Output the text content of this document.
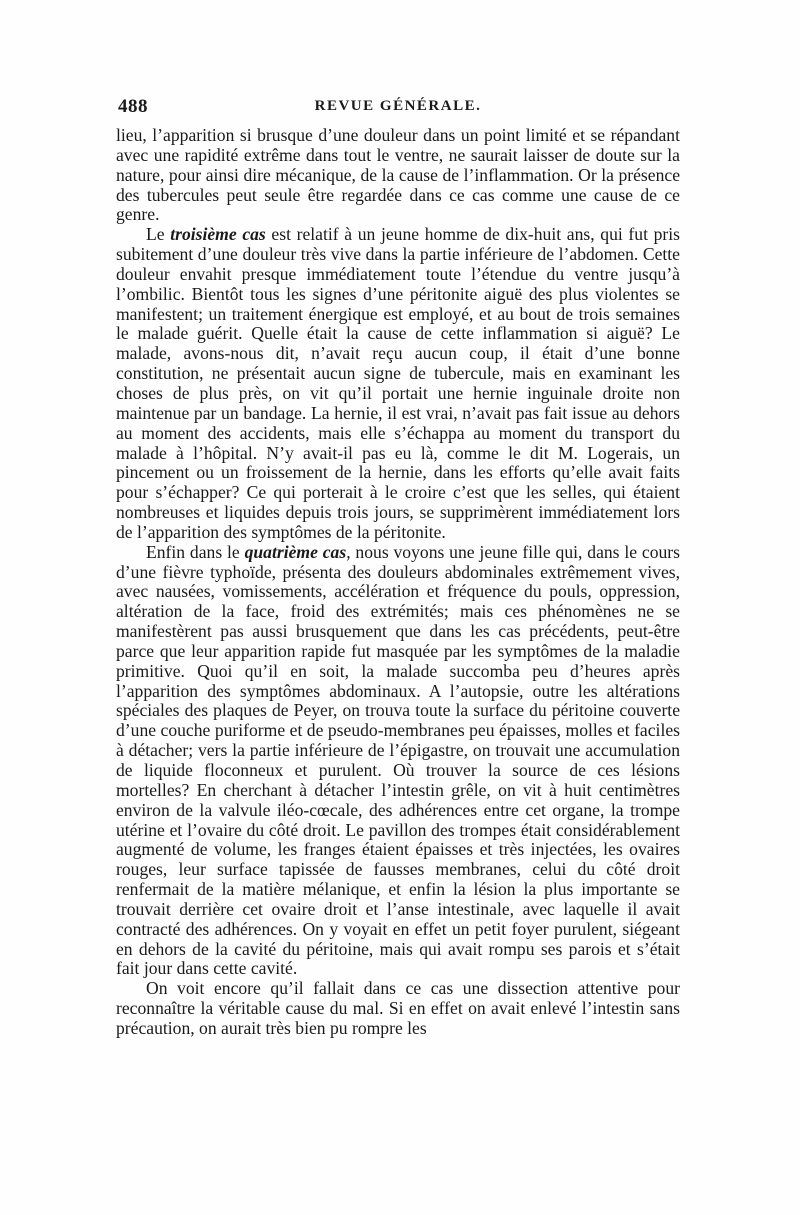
488	REVUE GÉNÉRALE.

lieu, l’apparition si brusque d’une douleur dans un point limité et se répandant avec une rapidité extrême dans tout le ventre, ne saurait laisser de doute sur la nature, pour ainsi dire mécanique, de la cause de l’inflammation. Or la présence des tubercules peut seule être regardée dans ce cas comme une cause de ce genre.

Le troisième cas est relatif à un jeune homme de dix-huit ans, qui fut pris subitement d’une douleur très vive dans la partie inférieure de l’abdomen. Cette douleur envahit presque immédiatement toute l’étendue du ventre jusqu’à l’ombilic. Bientôt tous les signes d’une péritonite aiguë des plus violentes se manifestent; un traitement énergique est employé, et au bout de trois semaines le malade guérit. Quelle était la cause de cette inflammation si aiguë? Le malade, avons-nous dit, n’avait reçu aucun coup, il était d’une bonne constitution, ne présentait aucun signe de tubercule, mais en examinant les choses de plus près, on vit qu’il portait une hernie inguinale droite non maintenue par un bandage. La hernie, il est vrai, n’avait pas fait issue au dehors au moment des accidents, mais elle s’échappa au moment du transport du malade à l’hôpital. N’y avait-il pas eu là, comme le dit M. Logerais, un pincement ou un froissement de la hernie, dans les efforts qu’elle avait faits pour s’échapper? Ce qui porterait à le croire c’est que les selles, qui étaient nombreuses et liquides depuis trois jours, se supprimèrent immédiatement lors de l’apparition des symptômes de la péritonite.

Enfin dans le quatrième cas, nous voyons une jeune fille qui, dans le cours d’une fièvre typhoïde, présenta des douleurs abdominales extrêmement vives, avec nausées, vomissements, accélération et fréquence du pouls, oppression, altération de la face, froid des extrémités; mais ces phénomènes ne se manifestèrent pas aussi brusquement que dans les cas précédents, peut-être parce que leur apparition rapide fut masquée par les symptômes de la maladie primitive. Quoi qu’il en soit, la malade succomba peu d’heures après l’apparition des symptômes abdominaux. A l’autopsie, outre les altérations spéciales des plaques de Peyer, on trouva toute la surface du péritoine couverte d’une couche puriforme et de pseudo-membranes peu épaisses, molles et faciles à détacher; vers la partie inférieure de l’épigastre, on trouvait une accumulation de liquide floconneux et purulent. Où trouver la source de ces lésions mortelles? En cherchant à détacher l’intestin grêle, on vit à huit centimètres environ de la valvule iléo-cœcale, des adhérences entre cet organe, la trompe utérine et l’ovaire du côté droit. Le pavillon des trompes était considérablement augmenté de volume, les franges étaient épaisses et très injectées, les ovaires rouges, leur surface tapissée de fausses membranes, celui du côté droit renfermait de la matière mélanique, et enfin la lésion la plus importante se trouvait derrière cet ovaire droit et l’anse intestinale, avec laquelle il avait contracté des adhérences. On y voyait en effet un petit foyer purulent, siégeant en dehors de la cavité du péritoine, mais qui avait rompu ses parois et s’était fait jour dans cette cavité.

On voit encore qu’il fallait dans ce cas une dissection attentive pour reconnaître la véritable cause du mal. Si en effet on avait enlevé l’intestin sans précaution, on aurait très bien pu rompre les
